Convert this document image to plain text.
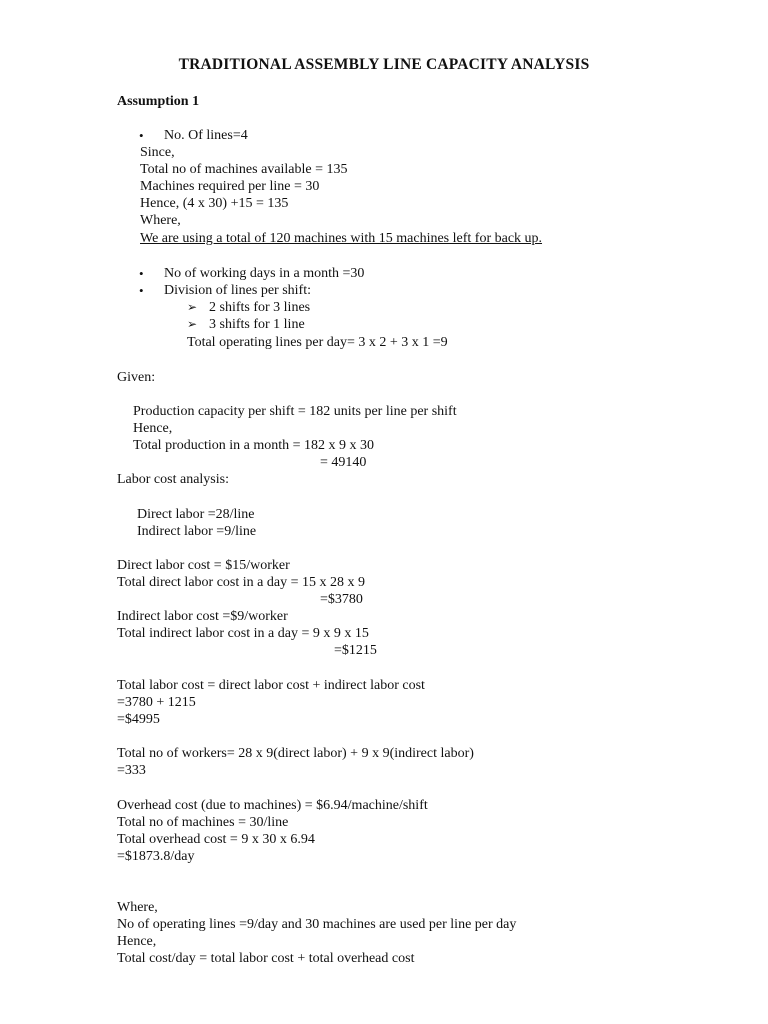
TRADITIONAL ASSEMBLY LINE CAPACITY ANALYSIS
Assumption 1
• No. Of lines=4
Since,
Total no of machines available = 135
Machines required per line = 30
Hence, (4 x 30) +15 = 135
Where,
We are using a total of 120 machines with 15 machines left for back up.
• No of working days in a month =30
• Division of lines per shift:
➢ 2 shifts for 3 lines
➢ 3 shifts for 1 line
Total operating lines per day= 3 x 2 + 3 x 1 =9
Given:
Production capacity per shift = 182 units per line per shift
Hence,
Total production in a month = 182 x 9 x 30
= 49140
Labor cost analysis:
Direct labor =28/line
Indirect labor =9/line
Direct labor cost = $15/worker
Total direct labor cost in a day = 15 x 28 x 9
=$3780
Indirect labor cost =$9/worker
Total indirect labor cost in a day = 9 x 9 x 15
=$1215
Total labor cost = direct labor cost + indirect labor cost
=3780 + 1215
=$4995
Total no of workers= 28 x 9(direct labor) + 9 x 9(indirect labor)
=333
Overhead cost (due to machines) = $6.94/machine/shift
Total no of machines = 30/line
Total overhead cost = 9 x 30 x 6.94
=$1873.8/day
Where,
No of operating lines =9/day and 30 machines are used per line per day
Hence,
Total cost/day = total labor cost + total overhead cost
